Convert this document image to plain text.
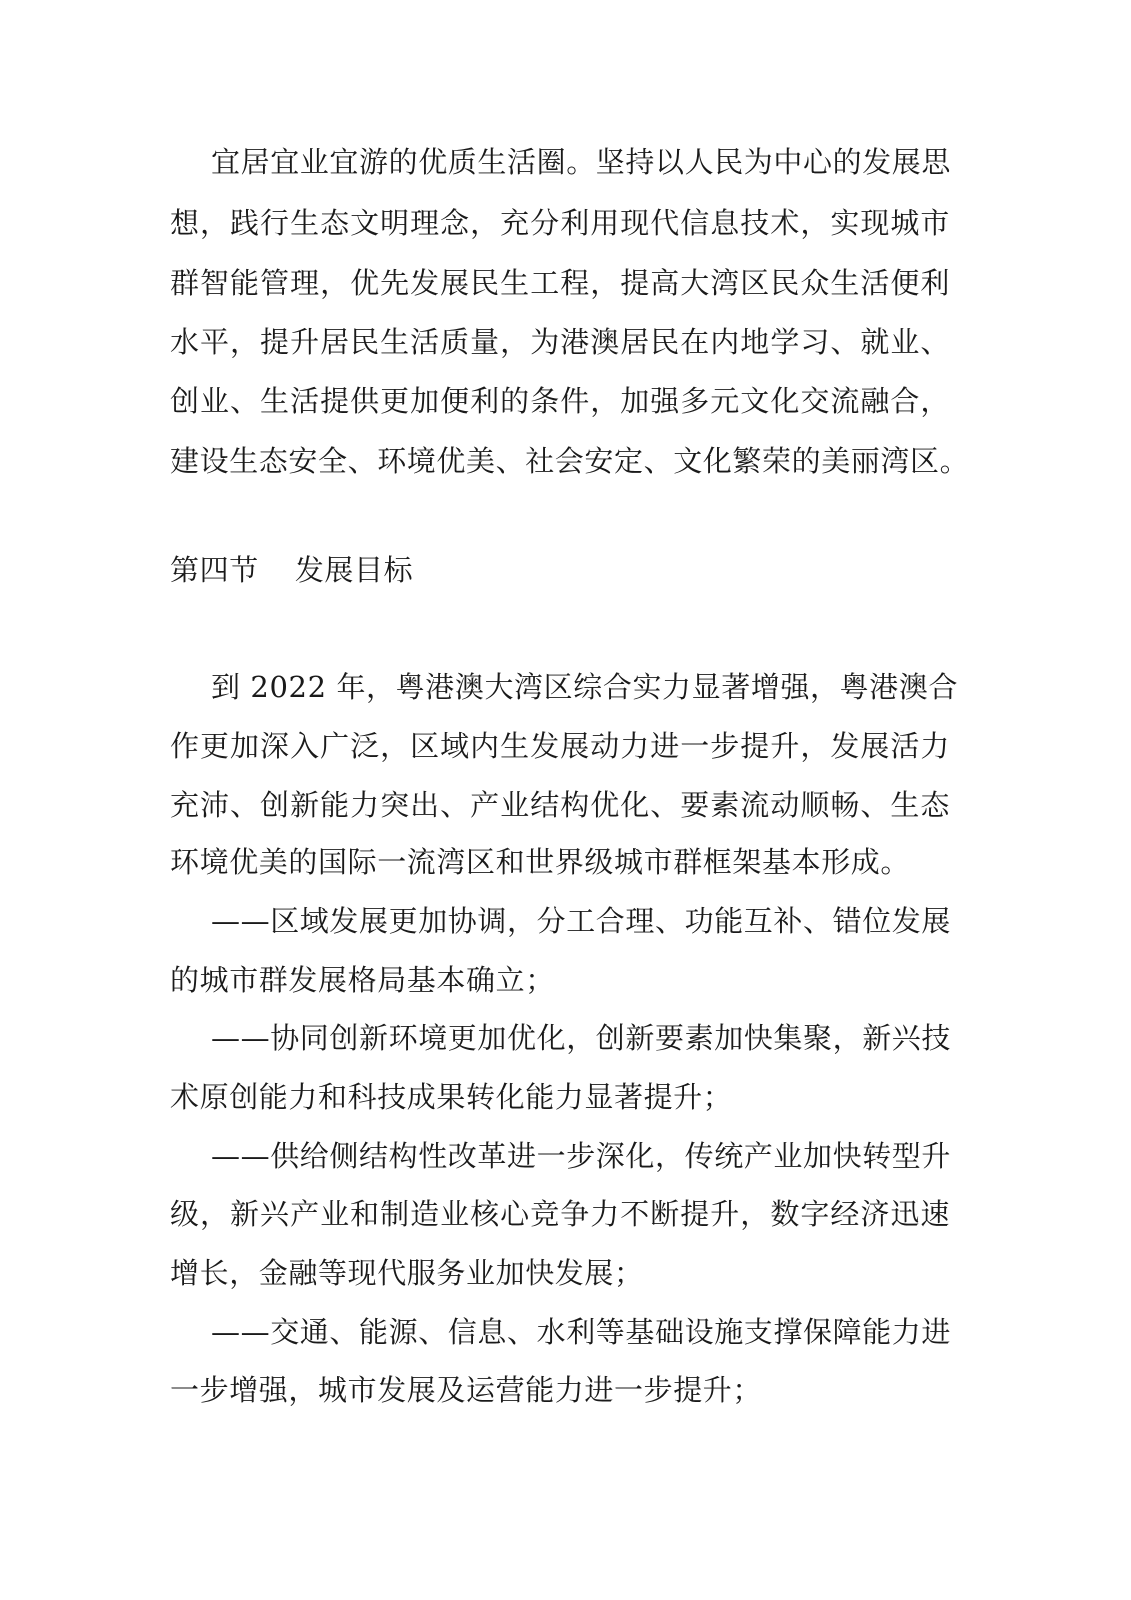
宜居宜业宜游的优质生活圈。坚持以人民为中心的发展思
想，践行生态文明理念，充分利用现代信息技术，实现城市
群智能管理，优先发展民生工程，提高大湾区民众生活便利
水平，提升居民生活质量，为港澳居民在内地学习、就业、
创业、生活提供更加便利的条件，加强多元文化交流融合，
建设生态安全、环境优美、社会安定、文化繁荣的美丽湾区。
第四节 发展目标
到 2022 年，粤港澳大湾区综合实力显著增强，粤港澳合
作更加深入广泛，区域内生发展动力进一步提升，发展活力
充沛、创新能力突出、产业结构优化、要素流动顺畅、生态
环境优美的国际一流湾区和世界级城市群框架基本形成。
——区域发展更加协调，分工合理、功能互补、错位发展
的城市群发展格局基本确立；
——协同创新环境更加优化，创新要素加快集聚，新兴技
术原创能力和科技成果转化能力显著提升；
——供给侧结构性改革进一步深化，传统产业加快转型升
级，新兴产业和制造业核心竞争力不断提升，数字经济迅速
增长，金融等现代服务业加快发展；
——交通、能源、信息、水利等基础设施支撑保障能力进
一步增强，城市发展及运营能力进一步提升；
